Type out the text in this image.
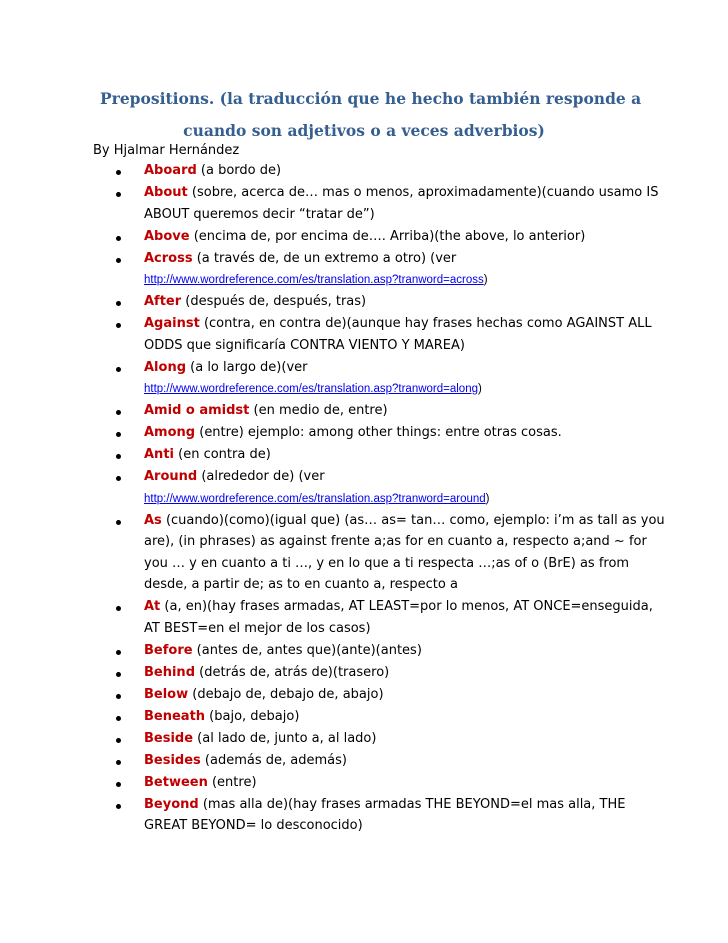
Prepositions. (la traducción que he hecho también responde a
cuando son adjetivos o a veces adverbios)
By Hjalmar Hernández
Aboard (a bordo de)
About (sobre, acerca de… mas o menos, aproximadamente)(cuando usamo IS
ABOUT queremos decir “tratar de”)
Above (encima de, por encima de…. Arriba)(the above, lo anterior)
Across (a través de, de un extremo a otro) (ver
http://www.wordreference.com/es/translation.asp?tranword=across)
After (después de, después, tras)
Against (contra, en contra de)(aunque hay frases hechas como AGAINST ALL
ODDS que significaría CONTRA VIENTO Y MAREA)
Along (a lo largo de)(ver
http://www.wordreference.com/es/translation.asp?tranword=along)
Amid o amidst (en medio de, entre)
Among (entre) ejemplo: among other things: entre otras cosas.
Anti (en contra de)
Around (alrededor de) (ver
http://www.wordreference.com/es/translation.asp?tranword=around)
As (cuando)(como)(igual que) (as… as= tan… como, ejemplo: i’m as tall as you
are), (in phrases) as against frente a;as for en cuanto a, respecto a;and ~ for
you … y en cuanto a ti …, y en lo que a ti respecta …;as of o (BrE) as from
desde, a partir de; as to en cuanto a, respecto a
At (a, en)(hay frases armadas, AT LEAST=por lo menos, AT ONCE=enseguida,
AT BEST=en el mejor de los casos)
Before (antes de, antes que)(ante)(antes)
Behind (detrás de, atrás de)(trasero)
Below (debajo de, debajo de, abajo)
Beneath (bajo, debajo)
Beside (al lado de, junto a, al lado)
Besides (además de, además)
Between (entre)
Beyond (mas alla de)(hay frases armadas THE BEYOND=el mas alla, THE
GREAT BEYOND= lo desconocido)
